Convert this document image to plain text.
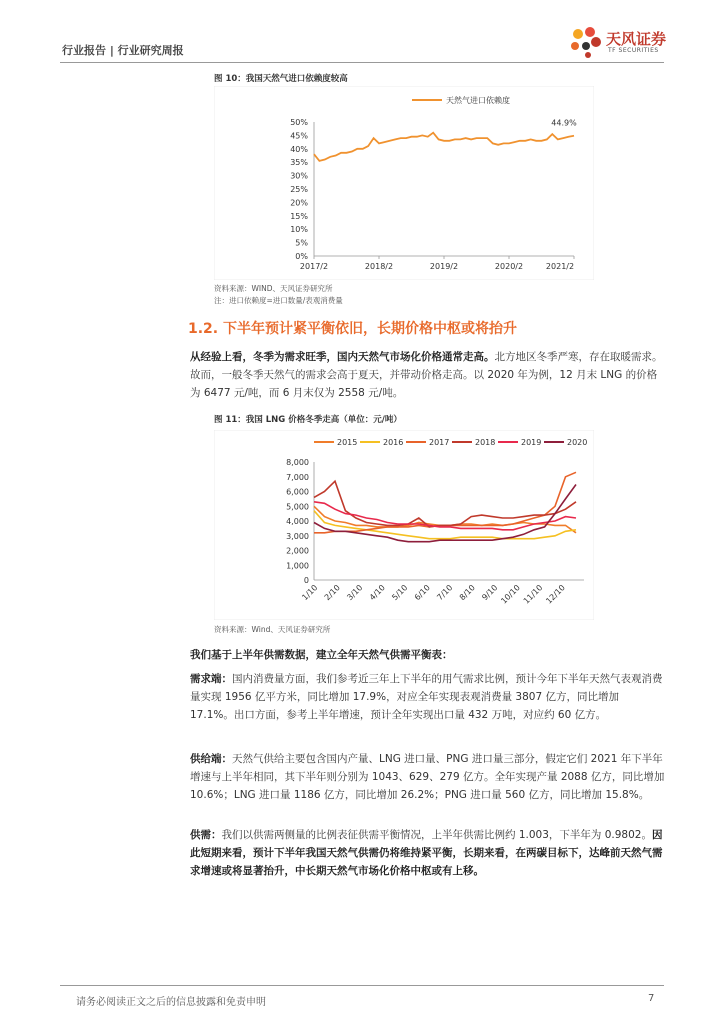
行业报告 | 行业研究周报
天风证券
TF SECURITIES
图 10：我国天然气进口依赖度较高
天然气进口依赖度
0%
5%
10%
15%
20%
25%
30%
35%
40%
45%
50%
2017/2	2018/2	2019/2	2020/2	2021/2
44.9%
资料来源：WIND、天风证券研究所
注：进口依赖度=进口数量/表观消费量
1.2. 下半年预计紧平衡依旧，长期价格中枢或将抬升

从经验上看，冬季为需求旺季，国内天然气市场化价格通常走高。北方地区冬季严寒，存在取暖需求。故而，一般冬季天然气的需求会高于夏天，并带动价格走高。以 2020 年为例，12 月末 LNG 的价格为 6477 元/吨，而 6 月末仅为 2558 元/吨。

图 11：我国 LNG 价格冬季走高（单位：元/吨）
2015	2016	2017	2018	2019	2020
0
1,000
2,000
3,000
4,000
5,000
6,000
7,000
8,000
1/10 2/10 3/10 4/10 5/10 6/10 7/10 8/10 9/10 10/10 11/10 12/10
资料来源：Wind、天风证券研究所

我们基于上半年供需数据，建立全年天然气供需平衡表：

需求端：国内消费量方面，我们参考近三年上下半年的用气需求比例，预计今年下半年天然气表观消费量实现 1956 亿平方米，同比增加 17.9%，对应全年实现表观消费量 3807 亿方，同比增加 17.1%。出口方面，参考上半年增速，预计全年实现出口量 432 万吨，对应约 60 亿方。

供给端：天然气供给主要包含国内产量、LNG 进口量、PNG 进口量三部分，假定它们 2021 年下半年增速与上半年相同，其下半年则分别为 1043、629、279 亿方。全年实现产量 2088 亿方，同比增加 10.6%；LNG 进口量 1186 亿方，同比增加 26.2%；PNG 进口量 560 亿方，同比增加 15.8%。

供需：我们以供需两侧量的比例表征供需平衡情况，上半年供需比例约 1.003，下半年为 0.9802。因此短期来看，预计下半年我国天然气供需仍将维持紧平衡，长期来看，在两碳目标下，达峰前天然气需求增速或将显著抬升，中长期天然气市场化价格中枢或有上移。

请务必阅读正文之后的信息披露和免责申明	7
